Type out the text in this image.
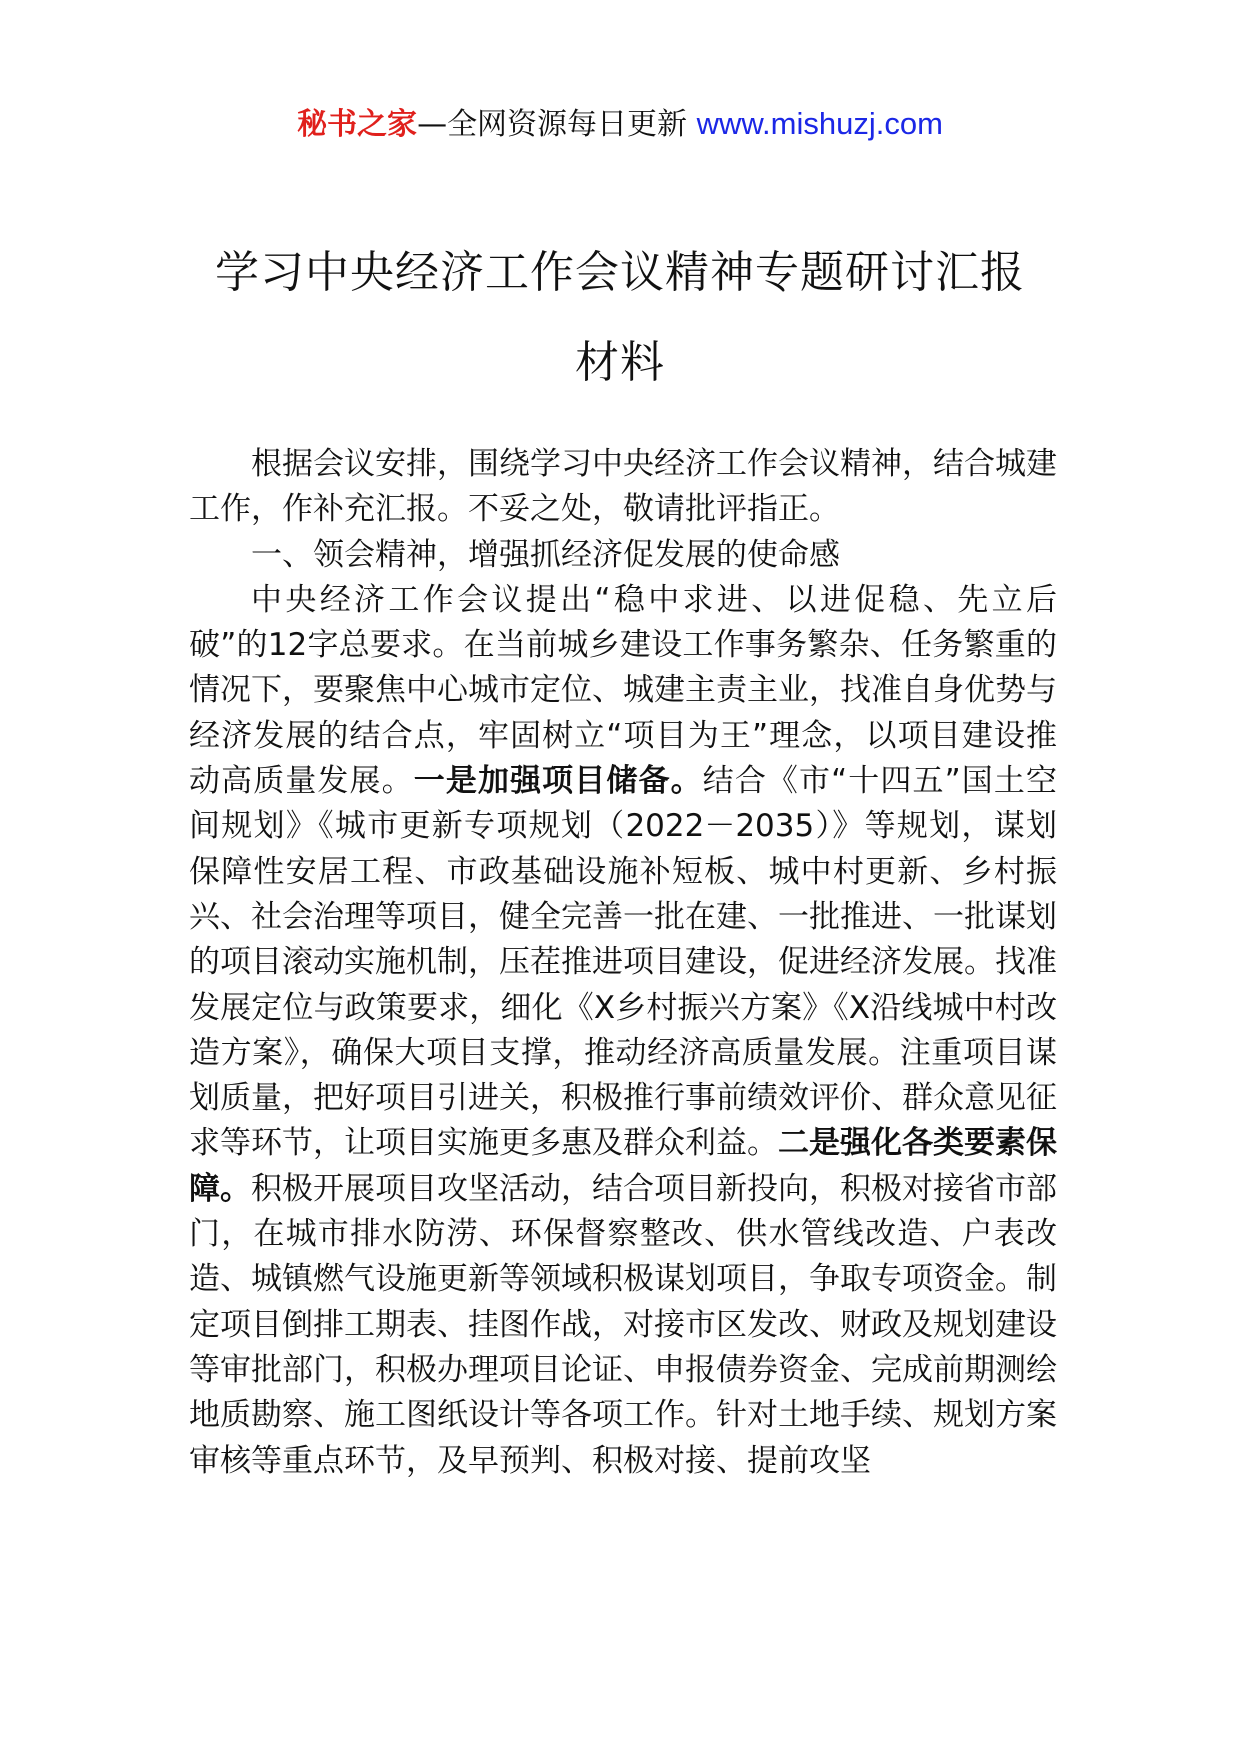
秘书之家—全网资源每日更新 www.mishuzj.com
学习中央经济工作会议精神专题研讨汇报
材料

根据会议安排，围绕学习中央经济工作会议精神，结合城建工作，作补充汇报。不妥之处，敬请批评指正。

一、领会精神，增强抓经济促发展的使命感

中央经济工作会议提出“稳中求进、以进促稳、先立后破”的12字总要求。在当前城乡建设工作事务繁杂、任务繁重的情况下，要聚焦中心城市定位、城建主责主业，找准自身优势与经济发展的结合点，牢固树立“项目为王”理念，以项目建设推动高质量发展。一是加强项目储备。结合《市“十四五”国土空间规划》《城市更新专项规划（2022－2035）》等规划，谋划保障性安居工程、市政基础设施补短板、城中村更新、乡村振兴、社会治理等项目，健全完善一批在建、一批推进、一批谋划的项目滚动实施机制，压茬推进项目建设，促进经济发展。找准发展定位与政策要求，细化《X乡村振兴方案》《X沿线城中村改造方案》，确保大项目支撑，推动经济高质量发展。注重项目谋划质量，把好项目引进关，积极推行事前绩效评价、群众意见征求等环节，让项目实施更多惠及群众利益。二是强化各类要素保障。积极开展项目攻坚活动，结合项目新投向，积极对接省市部门，在城市排水防涝、环保督察整改、供水管线改造、户表改造、城镇燃气设施更新等领域积极谋划项目，争取专项资金。制定项目倒排工期表、挂图作战，对接市区发改、财政及规划建设等审批部门，积极办理项目论证、申报债券资金、完成前期测绘地质勘察、施工图纸设计等各项工作。针对土地手续、规划方案审核等重点环节，及早预判、积极对接、提前攻坚
